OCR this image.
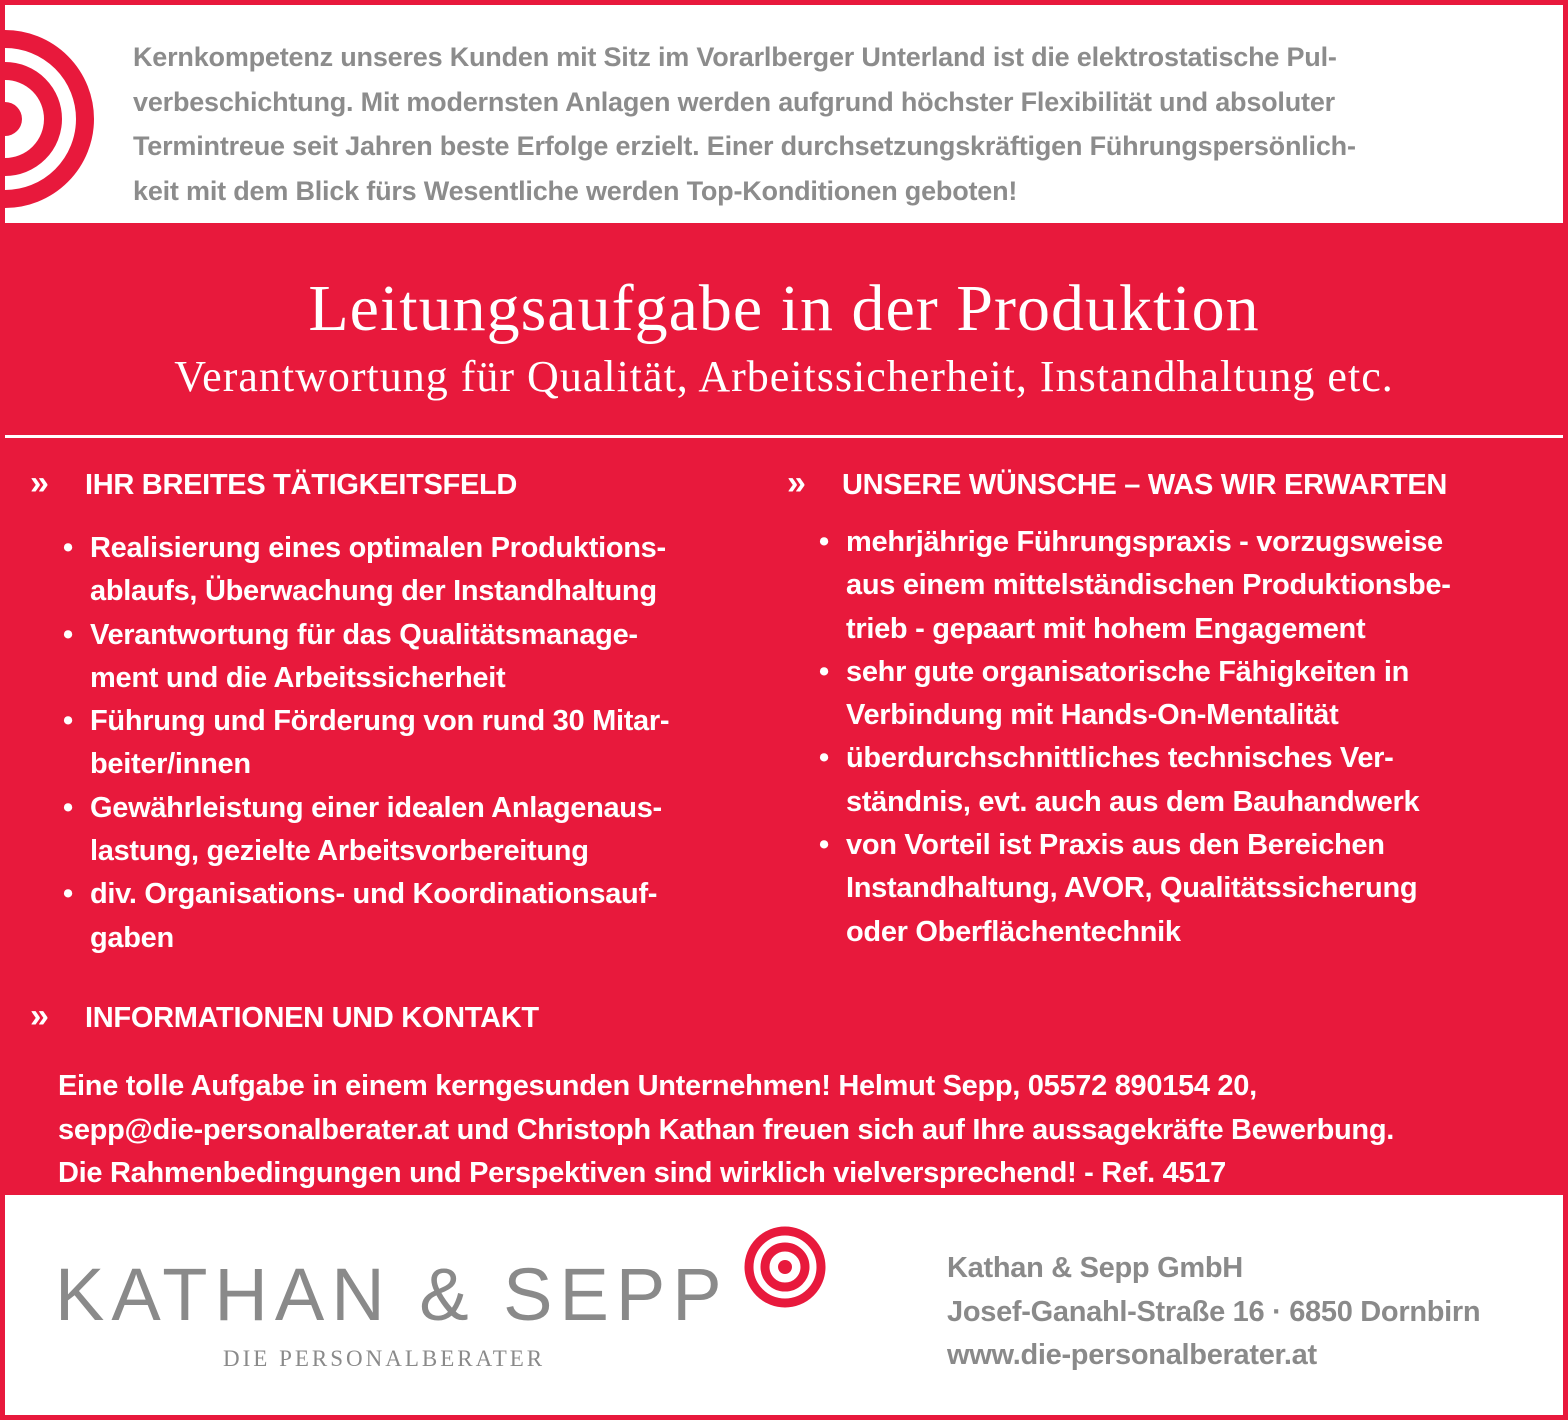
Kernkompetenz unseres Kunden mit Sitz im Vorarlberger Unterland ist die elektrostatische Pul-
verbeschichtung. Mit modernsten Anlagen werden aufgrund höchster Flexibilität und absoluter
Termintreue seit Jahren beste Erfolge erzielt. Einer durchsetzungskräftigen Führungspersönlich-
keit mit dem Blick fürs Wesentliche werden Top-Konditionen geboten!
Leitungsaufgabe in der Produktion
Verantwortung für Qualität, Arbeitssicherheit, Instandhaltung etc.
» IHR BREITES TÄTIGKEITSFELD
• Realisierung eines optimalen Produktions-
ablaufs, Überwachung der Instandhaltung
• Verantwortung für das Qualitätsmanage-
ment und die Arbeitssicherheit
• Führung und Förderung von rund 30 Mitar-
beiter/innen
• Gewährleistung einer idealen Anlagenaus-
lastung, gezielte Arbeitsvorbereitung
• div. Organisations- und Koordinationsauf-
gaben
» UNSERE WÜNSCHE – WAS WIR ERWARTEN
• mehrjährige Führungspraxis - vorzugsweise
aus einem mittelständischen Produktionsbe-
trieb - gepaart mit hohem Engagement
• sehr gute organisatorische Fähigkeiten in
Verbindung mit Hands-On-Mentalität
• überdurchschnittliches technisches Ver-
ständnis, evt. auch aus dem Bauhandwerk
• von Vorteil ist Praxis aus den Bereichen
Instandhaltung, AVOR, Qualitätssicherung
oder Oberflächentechnik
» INFORMATIONEN UND KONTAKT
Eine tolle Aufgabe in einem kerngesunden Unternehmen! Helmut Sepp, 05572 890154 20,
sepp@die-personalberater.at und Christoph Kathan freuen sich auf Ihre aussagekräfte Bewerbung.
Die Rahmenbedingungen und Perspektiven sind wirklich vielversprechend! - Ref. 4517
KATHAN & SEPP
DIE PERSONALBERATER
Kathan & Sepp GmbH
Josef-Ganahl-Straße 16 · 6850 Dornbirn
www.die-personalberater.at
